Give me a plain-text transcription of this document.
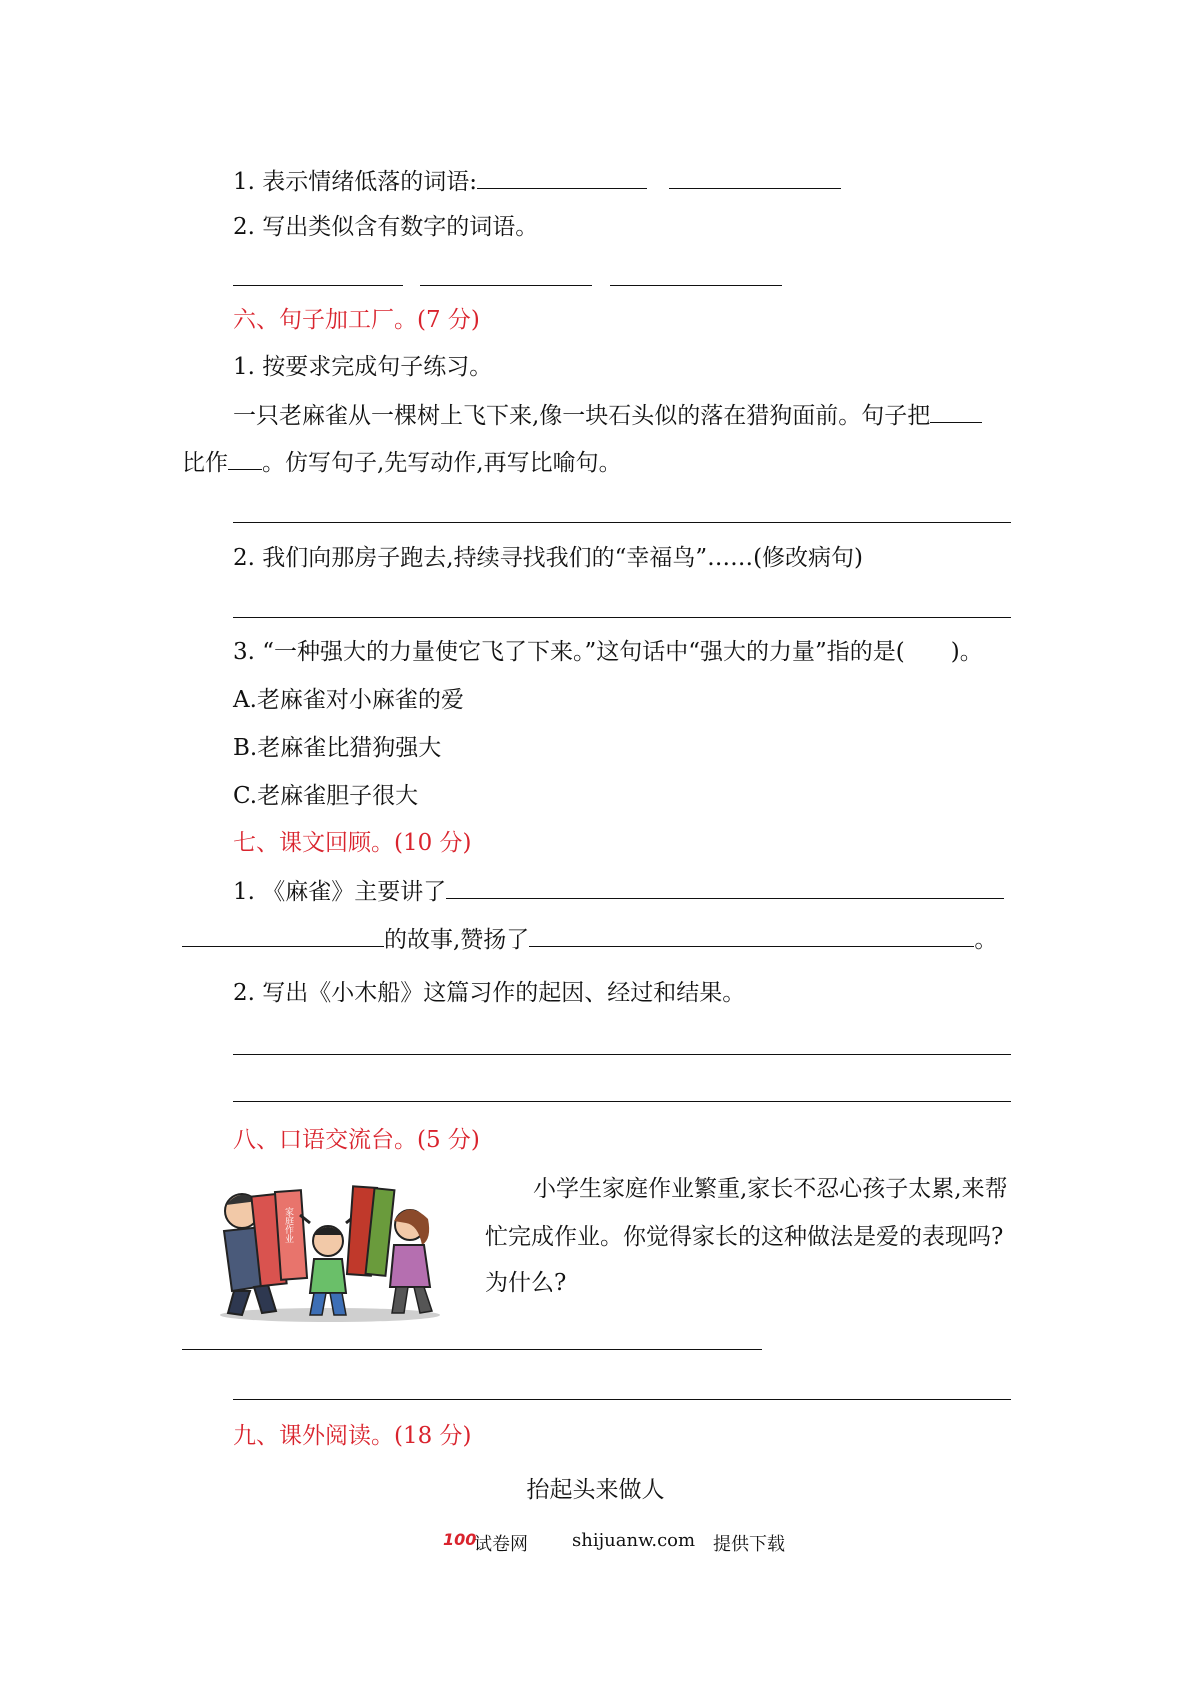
1. 表示情绪低落的词语:
2. 写出类似含有数字的词语。
六、句子加工厂。(7 分)
1. 按要求完成句子练习。
一只老麻雀从一棵树上飞下来,像一块石头似的落在猎狗面前。句子把
比作 。仿写句子,先写动作,再写比喻句。
2. 我们向那房子跑去,持续寻找我们的“幸福鸟”……(修改病句)
3. “一种强大的力量使它飞了下来。”这句话中“强大的力量”指的是(　　)。
A.老麻雀对小麻雀的爱
B.老麻雀比猎狗强大
C.老麻雀胆子很大
七、课文回顾。(10 分)
1. 《麻雀》主要讲了
的故事,赞扬了	。
2. 写出《小木船》这篇习作的起因、经过和结果。
八、口语交流台。(5 分)
家庭作业
小学生家庭作业繁重,家长不忍心孩子太累,来帮
忙完成作业。你觉得家长的这种做法是爱的表现吗?
为什么?
九、课外阅读。(18 分)
抬起头来做人
100
试卷网 shijuanw.com 提供下载
